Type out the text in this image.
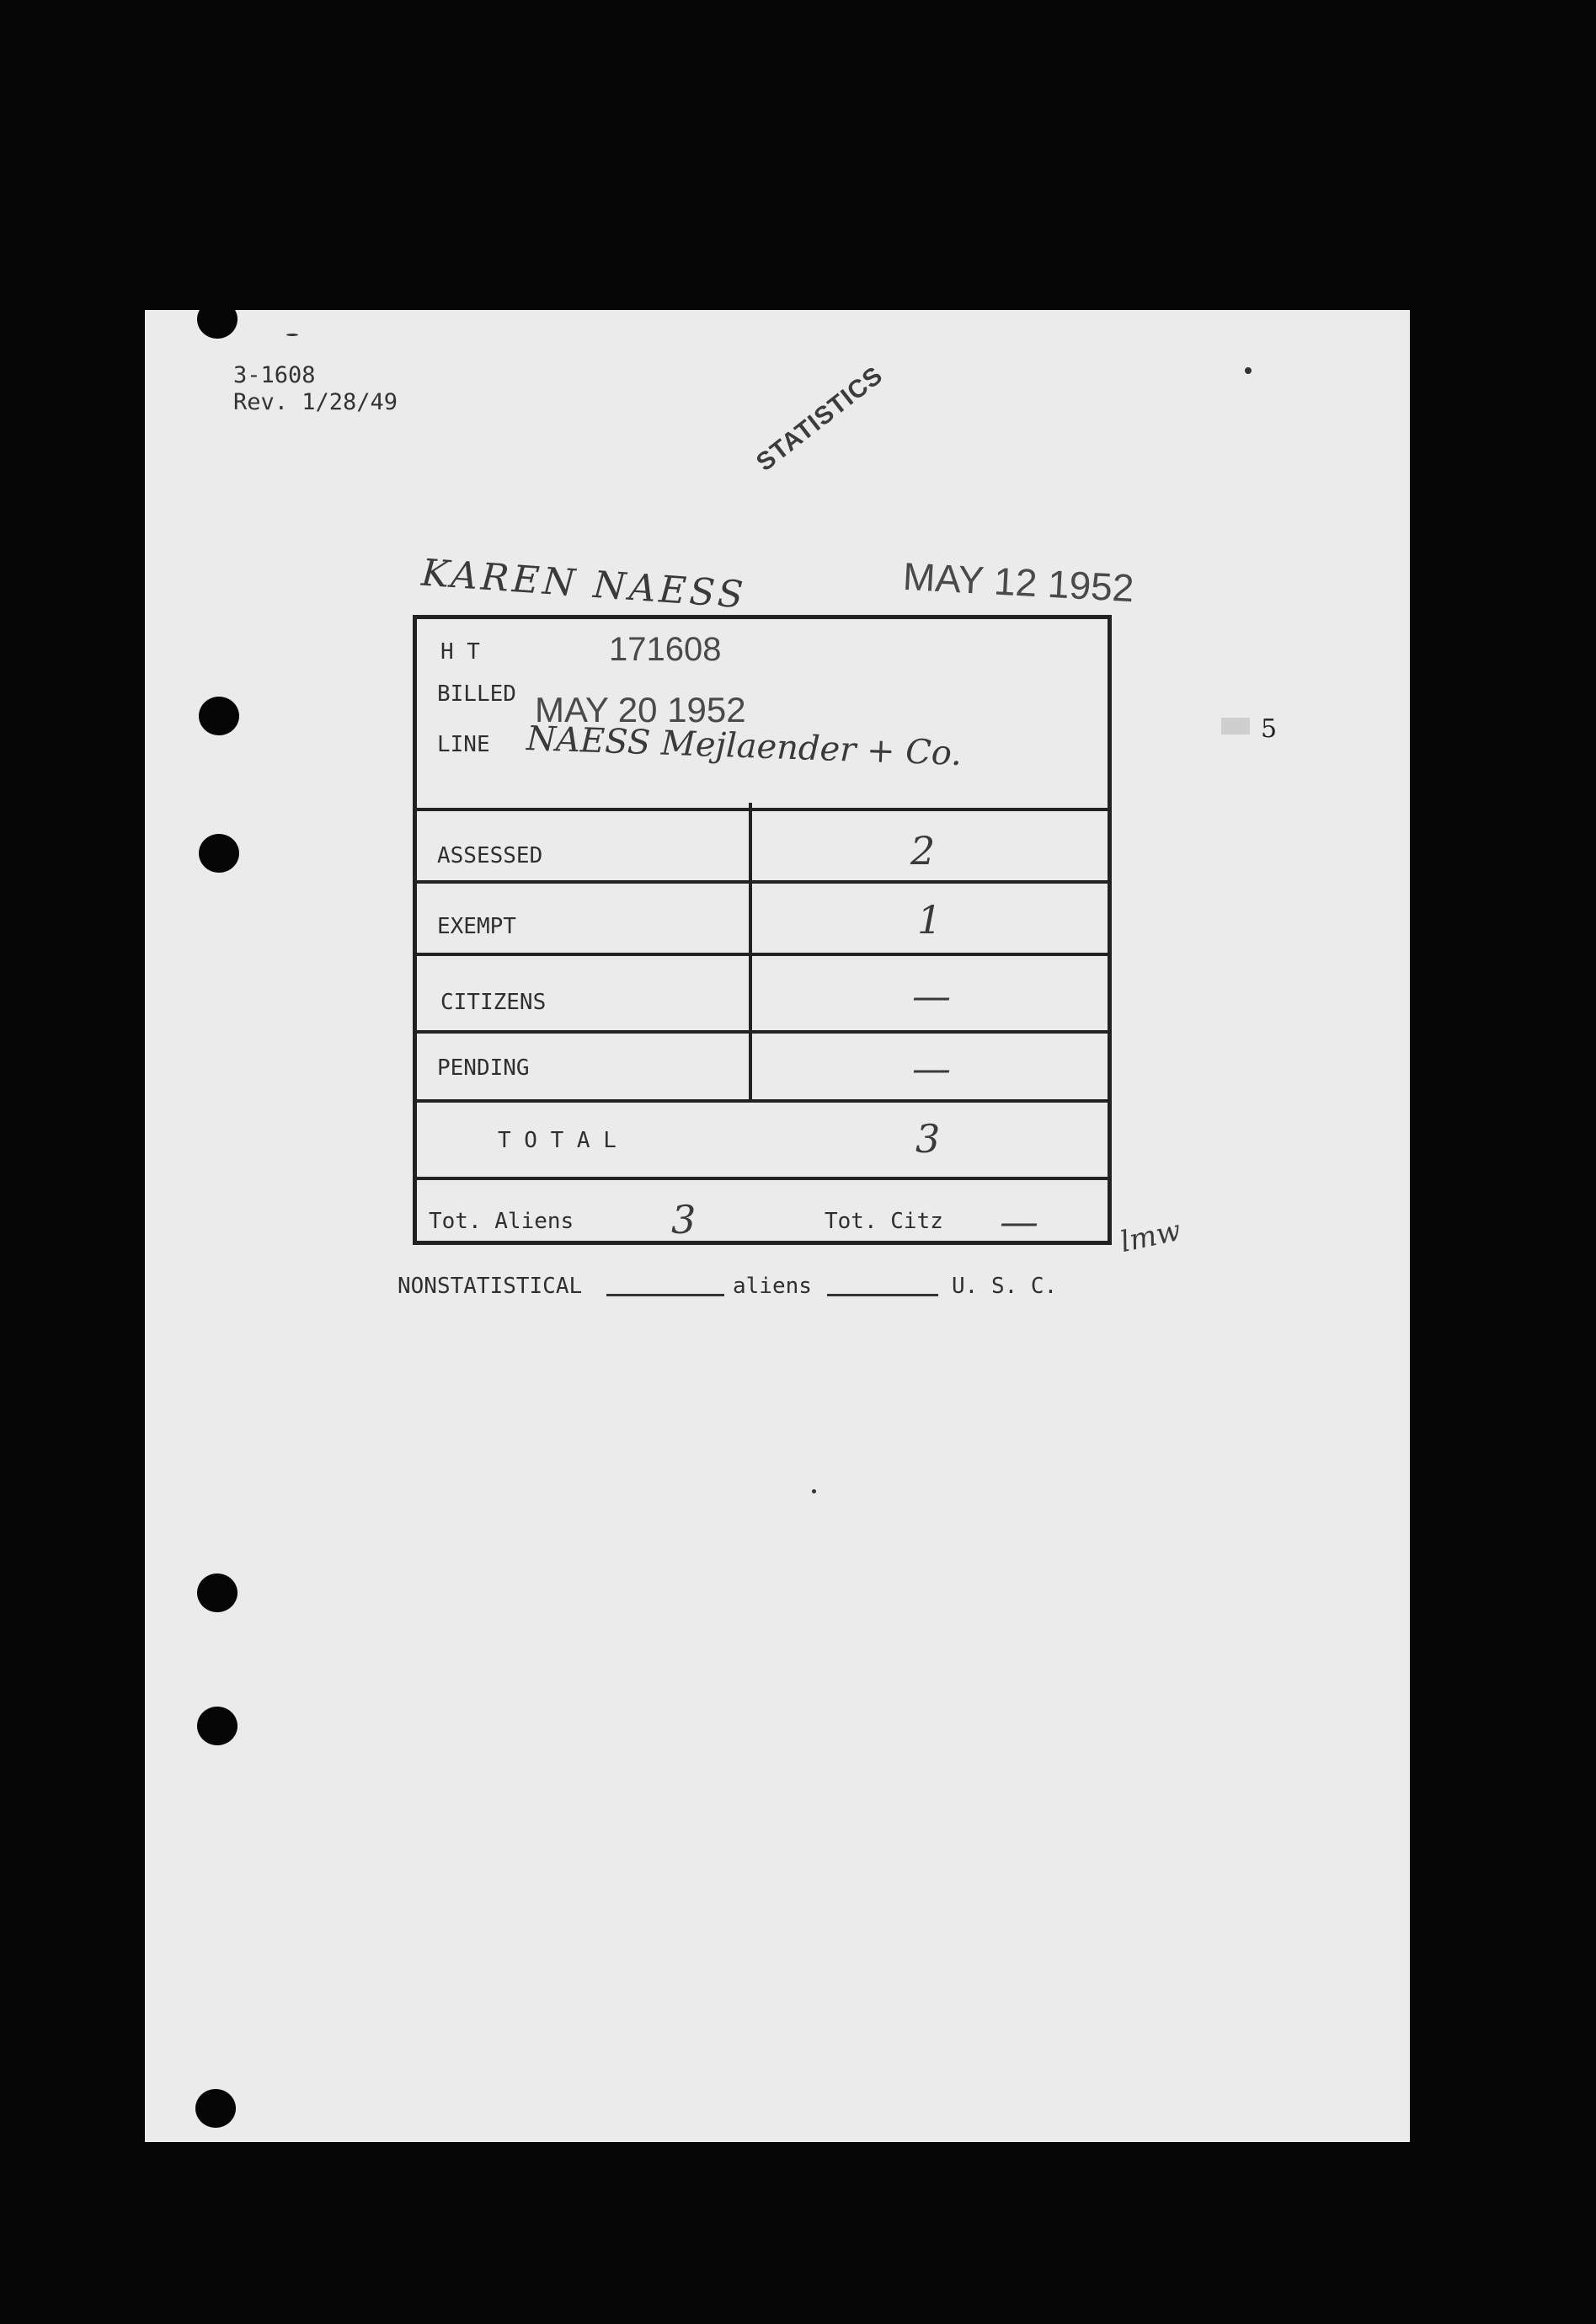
3-1608
Rev. 1/28/49	STATISTICS
KAREN NAESS	MAY 12 1952
5
H T	171608
BILLED MAY 20 1952
LINE NAESS Mejlaender + Co.
ASSESSED	2
EXEMPT	1
CITIZENS	—
PENDING	—
T O T A L	3
Tot. Aliens	3	Tot. Citz —	lmw
NONSTATISTICAL	aliens	U. S. C.
